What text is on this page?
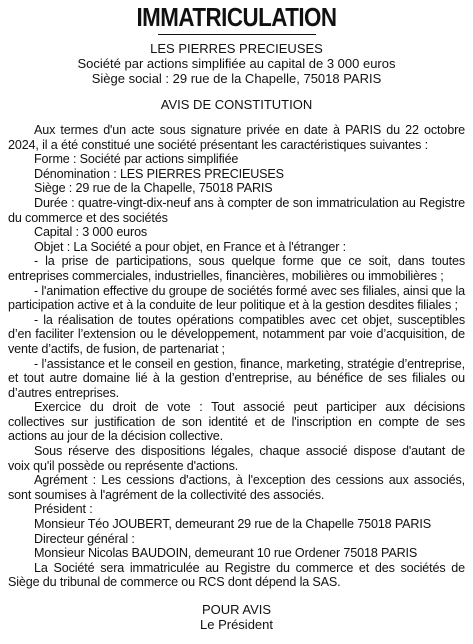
IMMATRICULATION

LES PIERRES PRECIEUSES

Société par actions simplifiée au capital de 3 000 euros

Siège social : 29 rue de la Chapelle, 75018 PARIS

AVIS DE CONSTITUTION

Aux termes d'un acte sous signature privée en date à PARIS du 22 octobre 2024, il a été constitué une société présentant les caractéristiques suivantes :

Forme : Société par actions simplifiée

Dénomination : LES PIERRES PRECIEUSES

Siège : 29 rue de la Chapelle, 75018 PARIS

Durée : quatre-vingt-dix-neuf ans à compter de son immatriculation au Registre du commerce et des sociétés

Capital : 3 000 euros

Objet : La Société a pour objet, en France et à l'étranger :

- la prise de participations, sous quelque forme que ce soit, dans toutes entreprises commerciales, industrielles, financières, mobilières ou immobilières ;

- l'animation effective du groupe de sociétés formé avec ses filiales, ainsi que la participation active et à la conduite de leur politique et à la gestion desdites filiales ;

- la réalisation de toutes opérations compatibles avec cet objet, susceptibles d’en faciliter l’extension ou le développement, notamment par voie d’acquisition, de vente d’actifs, de fusion, de partenariat ;

- l’assistance et le conseil en gestion, finance, marketing, stratégie d’entreprise, et tout autre domaine lié à la gestion d’entreprise, au bénéfice de ses filiales ou d’autres entreprises.

Exercice du droit de vote : Tout associé peut participer aux décisions collectives sur justification de son identité et de l'inscription en compte de ses actions au jour de la décision collective.

Sous réserve des dispositions légales, chaque associé dispose d'autant de voix qu'il possède ou représente d'actions.

Agrément : Les cessions d'actions, à l'exception des cessions aux associés, sont soumises à l'agrément de la collectivité des associés.

Président :

Monsieur Téo JOUBERT, demeurant 29 rue de la Chapelle 75018 PARIS

Directeur général :

Monsieur Nicolas BAUDOIN, demeurant 10 rue Ordener 75018 PARIS

La Société sera immatriculée au Registre du commerce et des sociétés de Siège du tribunal de commerce ou RCS dont dépend la SAS.

POUR AVIS
Le Président
